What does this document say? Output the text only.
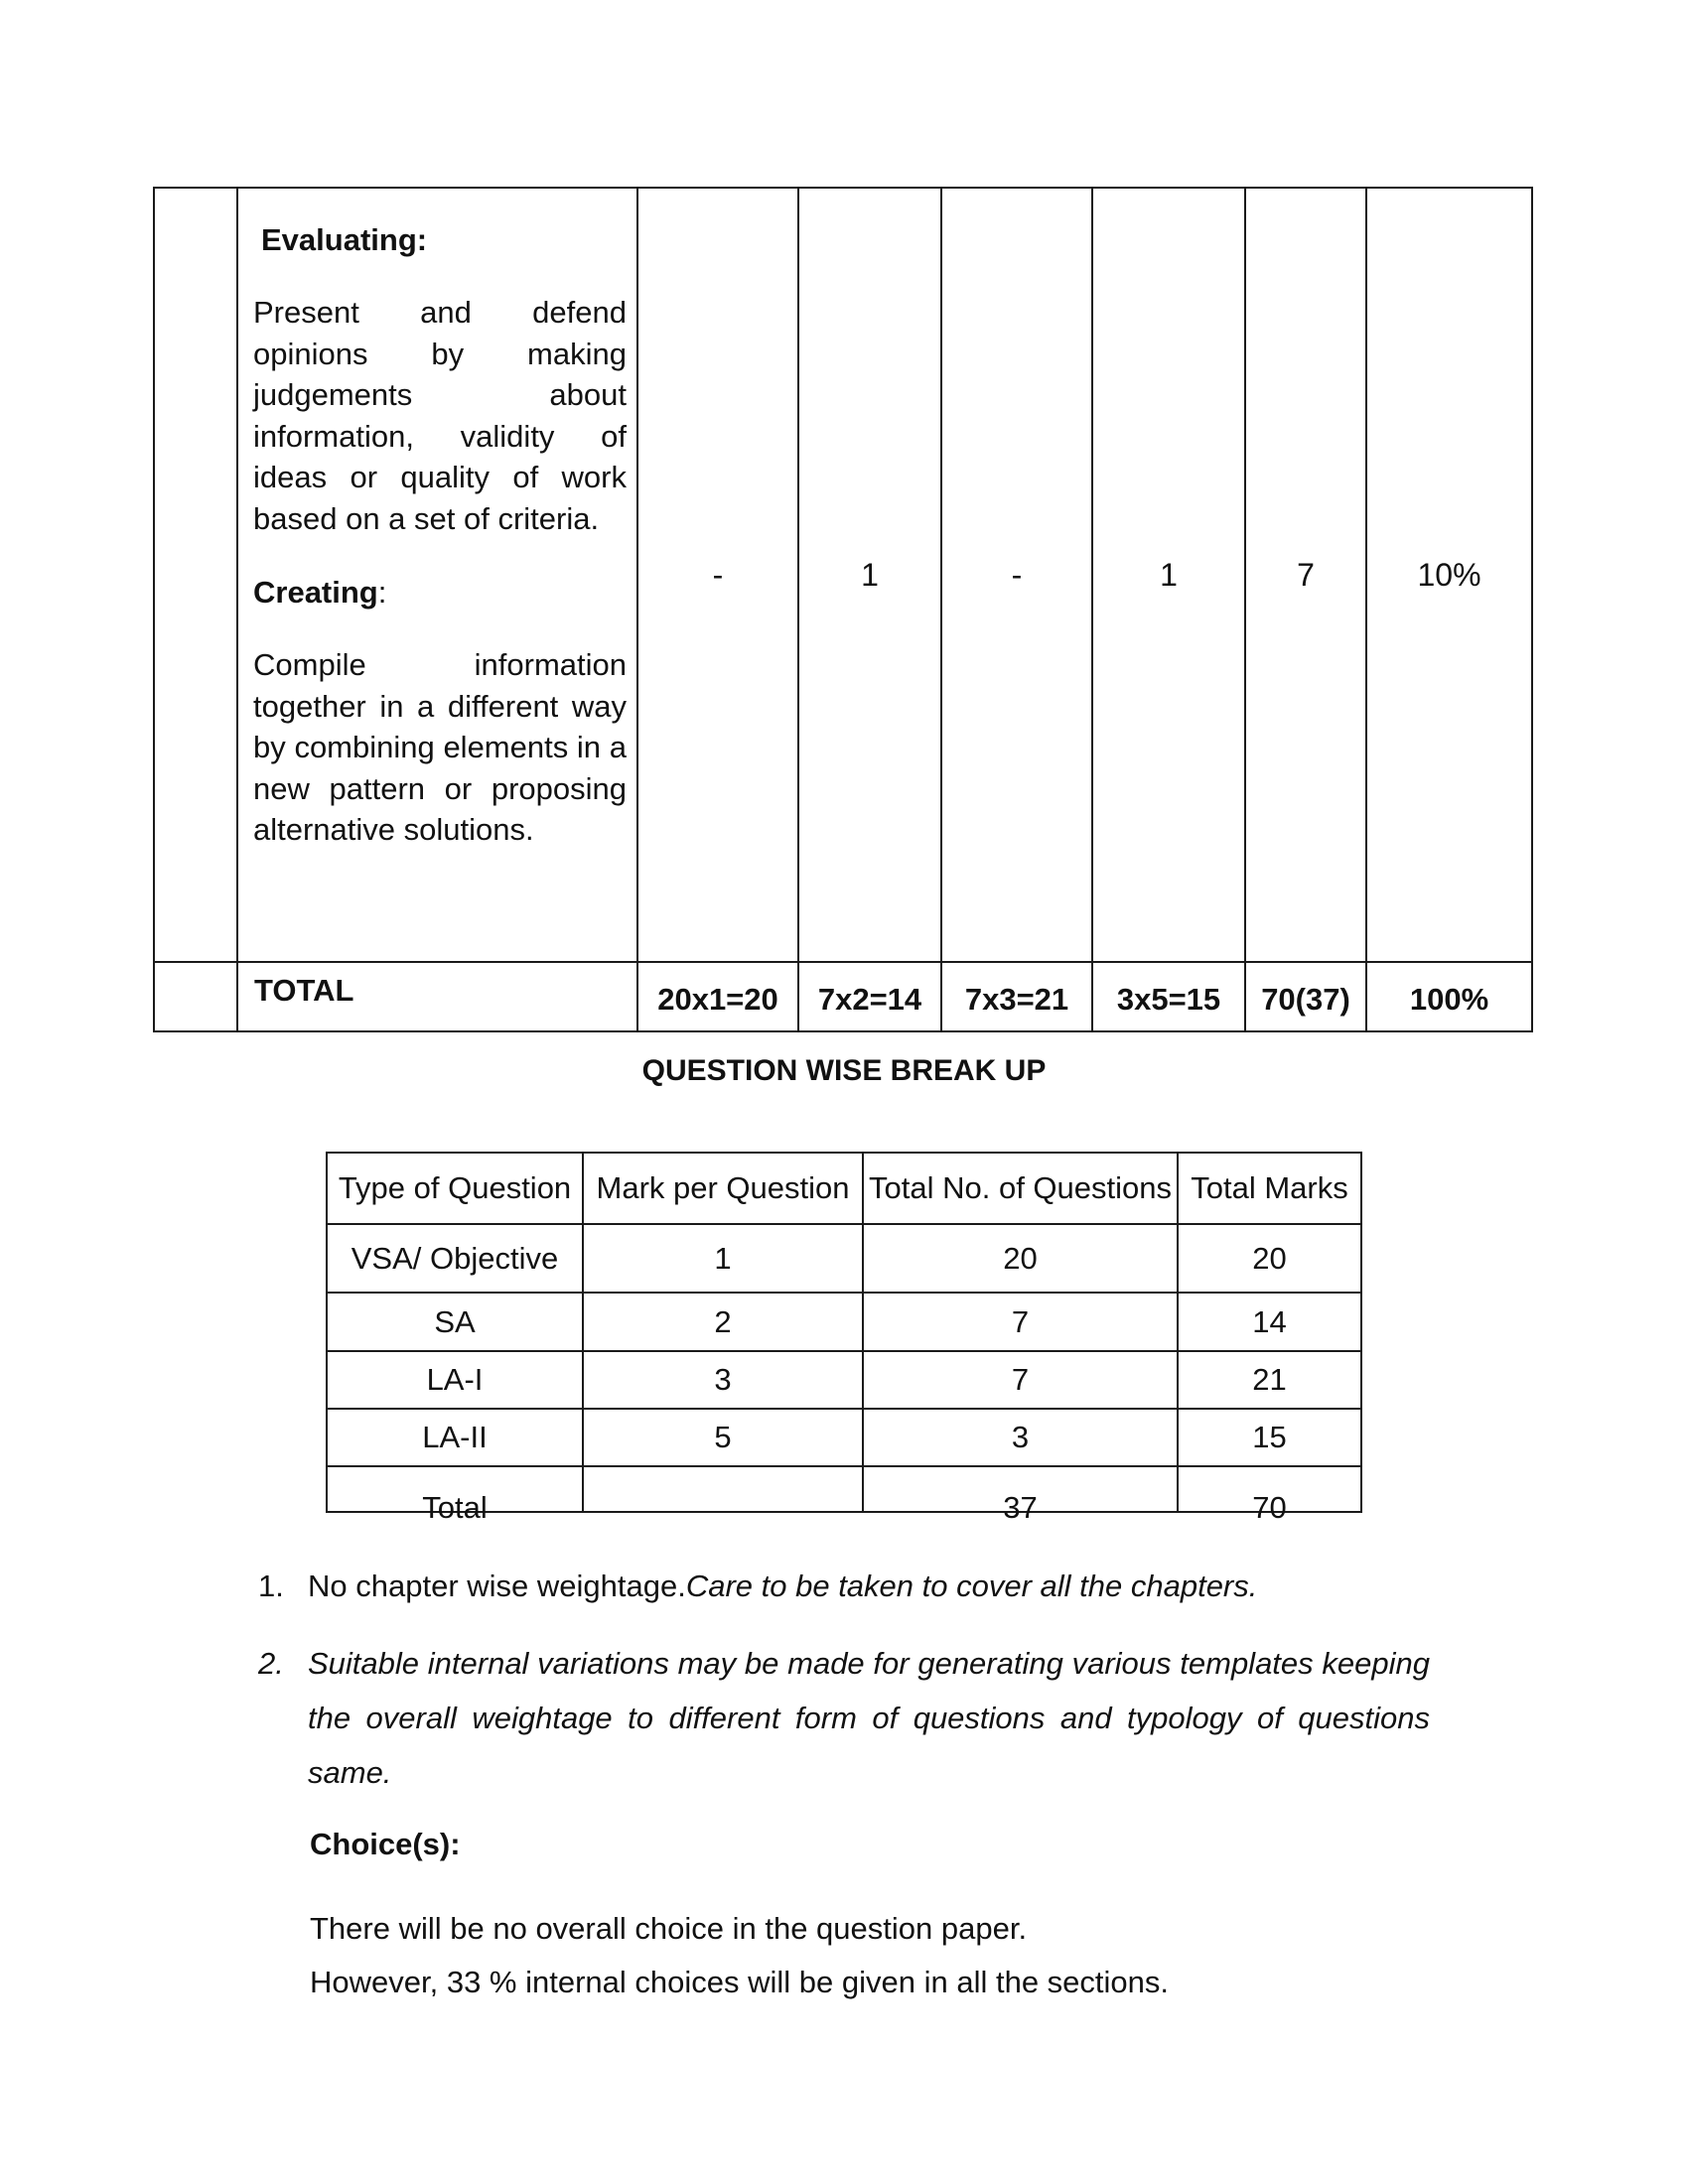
	Evaluating:

Present and defend opinions by making judgements about information, validity of ideas or quality of work based on a set of criteria.

Creating:

Compile information together in a different way by combining elements in a new pattern or proposing alternative solutions.	-	1	-	1	7	10%
	TOTAL	20x1=20	7x2=14	7x3=21	3x5=15	70(37)	100%

QUESTION WISE BREAK UP

Type of Question	Mark per Question	Total No. of Questions	Total Marks
VSA/ Objective	1	20	20
SA	2	7	14
LA-I	3	7	21
LA-II	5	3	15
Total		37	70
1. No chapter wise weightage.Care to be taken to cover all the chapters.
2. Suitable internal variations may be made for generating various templates keeping the overall weightage to different form of questions and typology of questions same.

Choice(s):

There will be no overall choice in the question paper.
However, 33 % internal choices will be given in all the sections.
